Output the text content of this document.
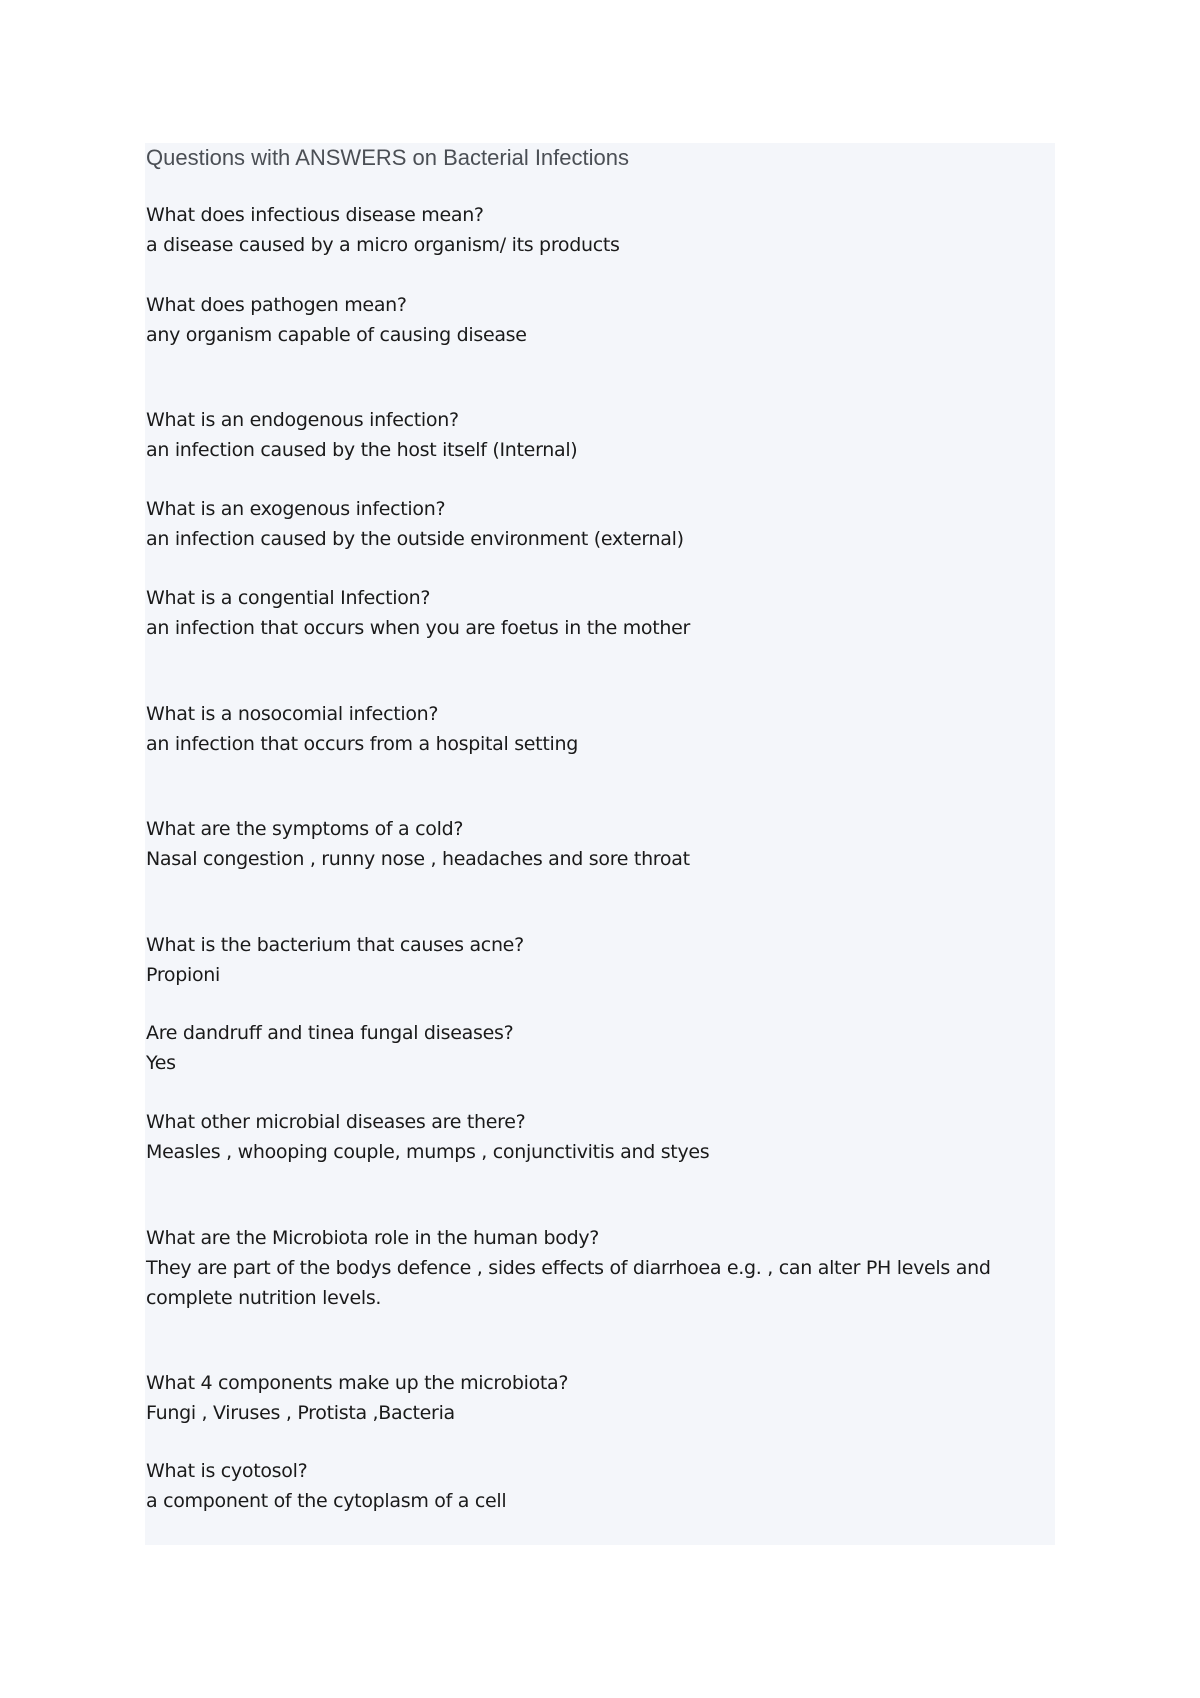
Questions with ANSWERS on Bacterial Infections

What does infectious disease mean?

a disease caused by a micro organism/ its products

What does pathogen mean?

any organism capable of causing disease

What is an endogenous infection?

an infection caused by the host itself (Internal)

What is an exogenous infection?

an infection caused by the outside environment (external)

What is a congential Infection?

an infection that occurs when you are foetus in the mother

What is a nosocomial infection?

an infection that occurs from a hospital setting

What are the symptoms of a cold?

Nasal congestion , runny nose , headaches and sore throat

What is the bacterium that causes acne?

Propioni

Are dandruff and tinea fungal diseases?

Yes

What other microbial diseases are there?

Measles , whooping couple, mumps , conjunctivitis and styes

What are the Microbiota role in the human body?

They are part of the bodys defence , sides effects of diarrhoea e.g. , can alter PH levels and complete nutrition levels.

What 4 components make up the microbiota?

Fungi , Viruses , Protista ,Bacteria

What is cyotosol?

a component of the cytoplasm of a cell
